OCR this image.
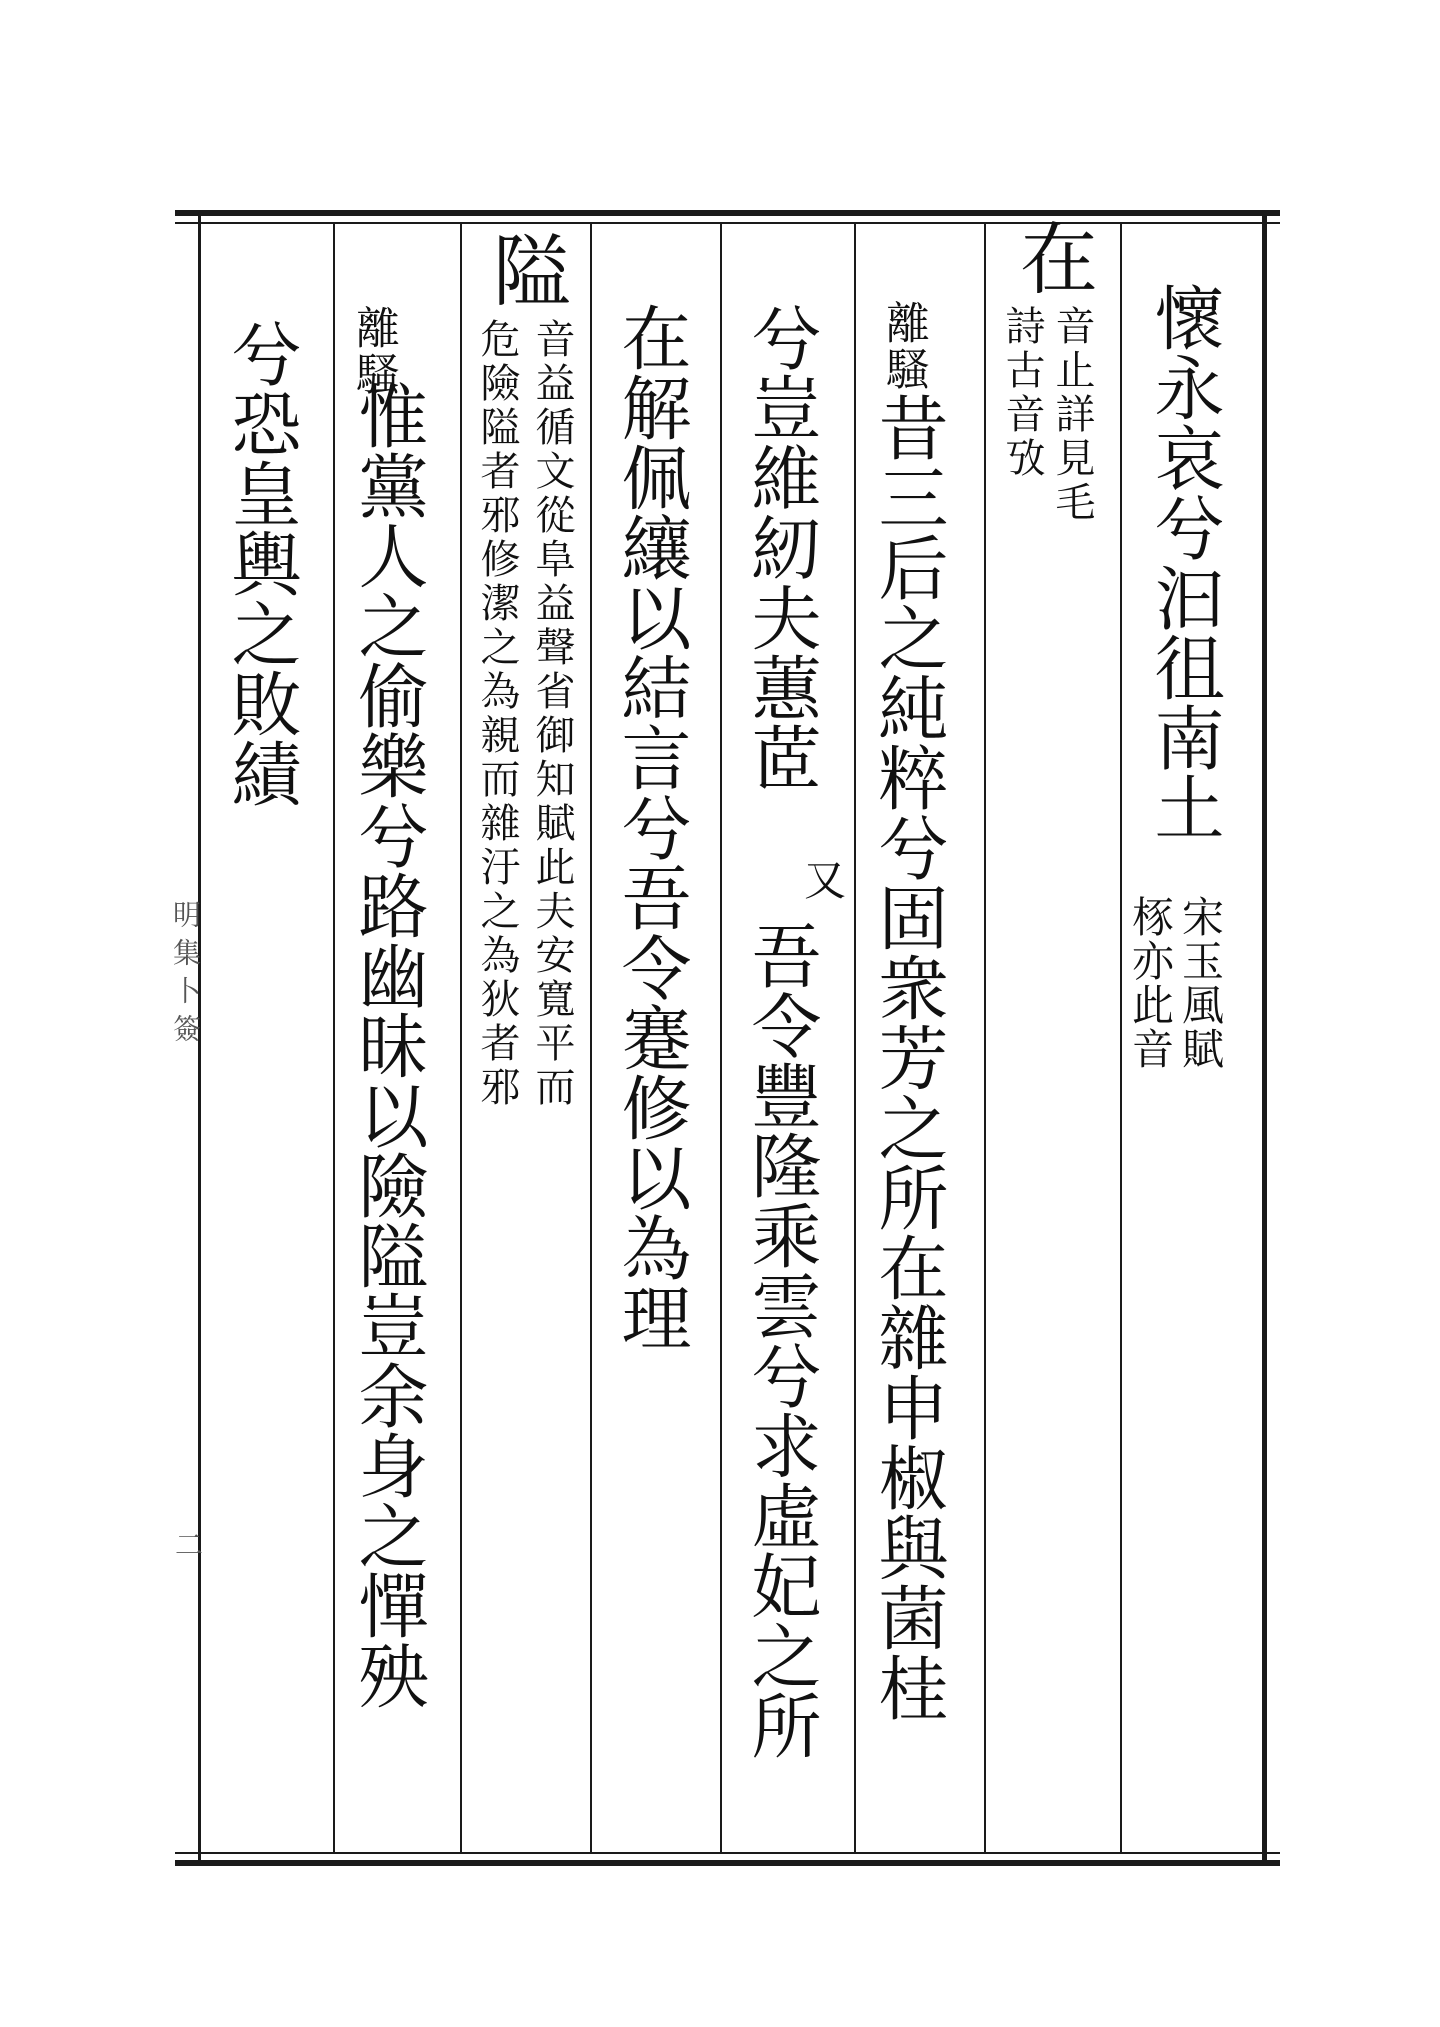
明集卜簽
二
懷永哀兮汩徂南土
宋玉風賦
㭬亦此音
在
音止詳見毛
詩古音攷
離騷
昔三后之純粹兮固衆芳之所在雜申椒與菌桂
兮豈維紉夫蕙茝
又
吾令豐隆乘雲兮求虛妃之所
在解佩纕以結言兮吾令蹇修以為理
隘
音益循文從阜益聲省御知賦此夫安寬平而
危險隘者邪修潔之為親而雜汙之為狄者邪
離騷
惟黨人之偷樂兮路幽昧以險隘豈余身之憚殃
兮恐皇輿之敗績
